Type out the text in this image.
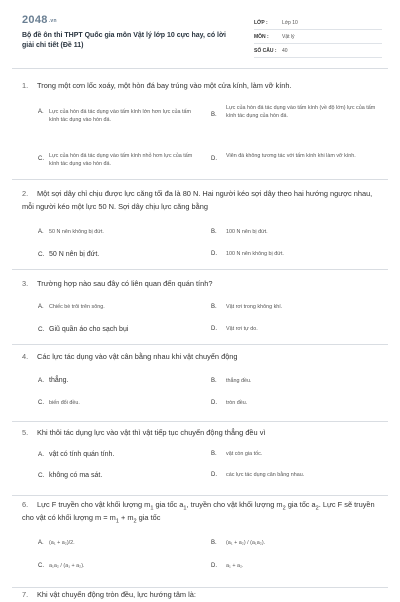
2048.vn
Bộ đề ôn thi THPT Quốc gia môn Vật lý lớp 10 cực hay, có lời giải chi tiết (Đề 11)
LỚP :	Lớp 10
MÔN :	Vật lý
SỐ CÂU :	40
1. Trong một cơn lốc xoáy, một hòn đá bay trúng vào một cửa kính, làm vỡ kính.
A. Lực của hòn đá tác dụng vào tấm kính lớn hơn lực của tấm kính tác dụng vào hòn đá.
B.
Lực của hòn đá tác dụng vào tấm kính (về độ lớn) lực của tấm kính tác dụng của hòn đá.
C. Lực của hòn đá tác dụng vào tấm kính nhỏ hơn lực của tấm kính tác dụng vào hòn đá.
D. Viên đá không tương tác với tấm kính khi làm vỡ kính.
2. Một sợi dây chỉ chịu được lực căng tối đa là 80 N. Hai người kéo sợi dây theo hai hướng ngược nhau, mỗi người kéo một lực 50 N. Sợi dây chịu lực căng bằng
A. 50 N nên không bị đứt.	B. 100 N nên bị đứt.
C. 50 N nên bị đứt.	D. 100 N nên không bị đứt.
3. Trường hợp nào sau đây có liên quan đến quán tính?
A. Chiếc bè trôi trên sông.	B. Vật rơi trong không khí.
C. Giũ quần áo cho sạch bụi	D. Vật rơi tự do.
4. Các lực tác dụng vào vật cân bằng nhau khi vật chuyển động
A. thẳng.	B. thẳng đều.
C. biến đổi đều.	D. tròn đều.
5. Khi thôi tác dụng lực vào vật thì vật tiếp tục chuyển động thẳng đều vì
A. vật có tính quán tính.	B. vật còn gia tốc.
C. không có ma sát.	D. các lực tác dụng cân bằng nhau.
6. Lực F truyền cho vật khối lượng $m_1$ gia tốc $a_1$, truyền cho vật khối lượng $m_2$ gia tốc $a_2$. Lực F sẽ truyền cho vật có khối lượng $m = m_1 + m_2$ gia tốc
A. (a₁ + a₂)/2.	B. (a₁ + a₂) / (a₁a₂).
C. a₁a₂ / (a₁ + a₂).	D. a₁ + a₂.
7. Khi vật chuyển động tròn đều, lực hướng tâm là:
